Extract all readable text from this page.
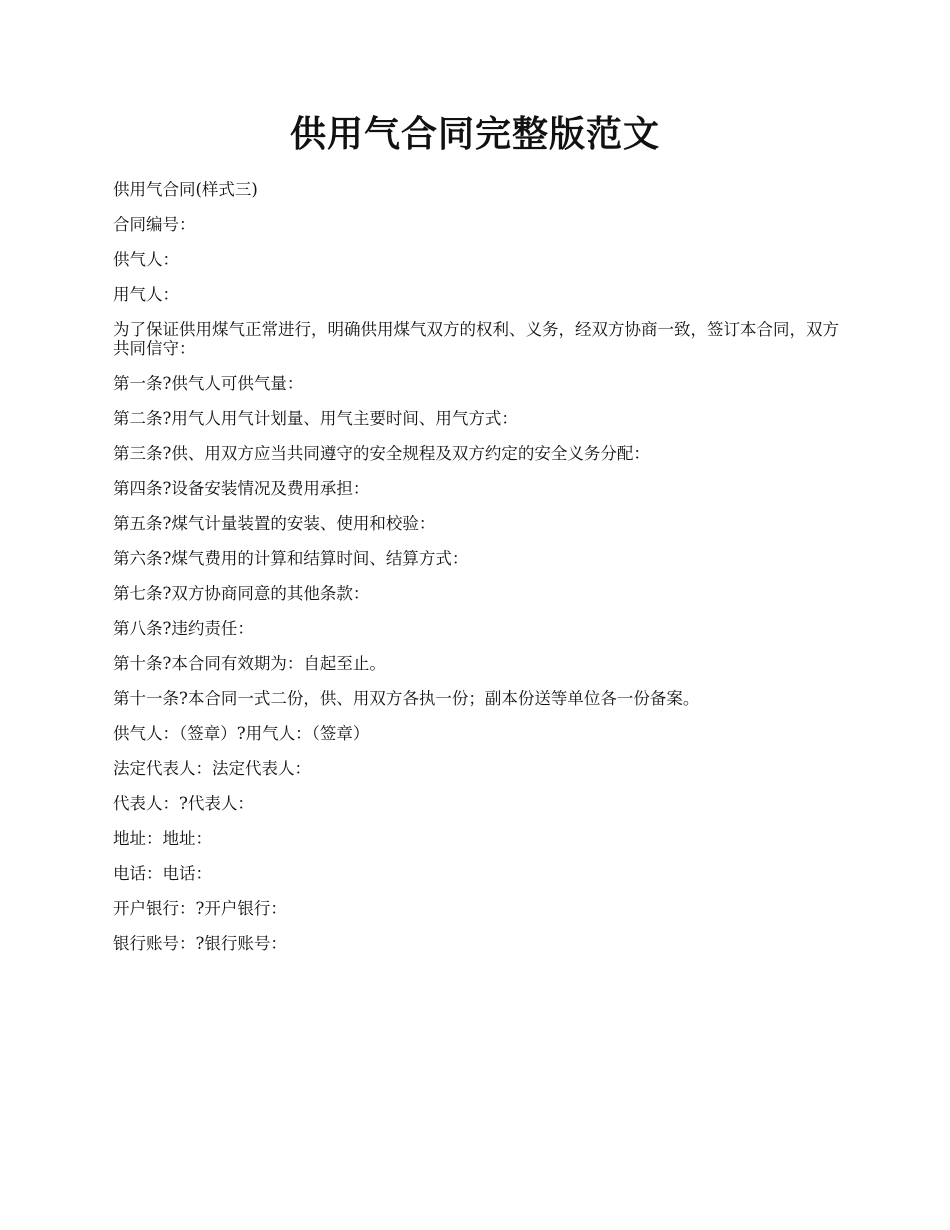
供用气合同完整版范文

供用气合同(样式三)

合同编号：

供气人：

用气人：

为了保证供用煤气正常进行，明确供用煤气双方的权利、义务，经双方协商一致，签订本合同，双方共同信守：

第一条?供气人可供气量：

第二条?用气人用气计划量、用气主要时间、用气方式：

第三条?供、用双方应当共同遵守的安全规程及双方约定的安全义务分配：

第四条?设备安装情况及费用承担：

第五条?煤气计量装置的安装、使用和校验：

第六条?煤气费用的计算和结算时间、结算方式：

第七条?双方协商同意的其他条款：

第八条?违约责任：

第十条?本合同有效期为：自起至止。

第十一条?本合同一式二份，供、用双方各执一份；副本份送等单位各一份备案。

供气人：（签章）?用气人：（签章）

法定代表人：法定代表人：

代表人：?代表人：

地址：地址：

电话：电话：

开户银行：?开户银行：

银行账号：?银行账号：
